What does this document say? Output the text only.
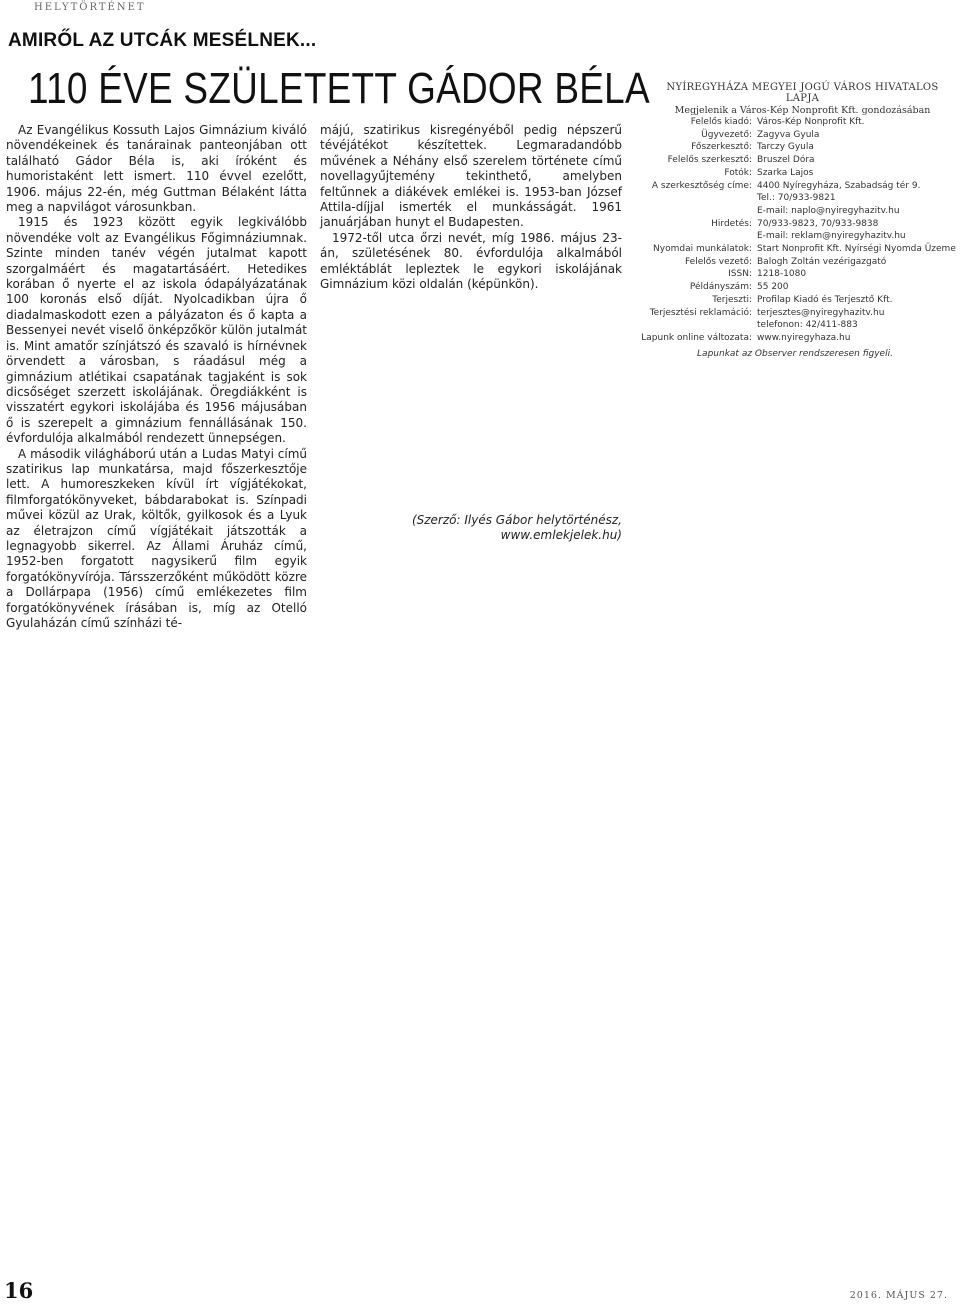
HELYTÖRTÉNET
AMIRŐL AZ UTCÁK MESÉLNEK...
110 ÉVE SZÜLETETT GÁDOR BÉLA

Az Evangélikus Kossuth Lajos Gimnázium kiváló növendékeinek és tanárainak panteonjában ott található Gádor Béla is, aki íróként és humoristaként lett ismert. 110 évvel ezelőtt, 1906. május 22-én, még Guttman Bélaként látta meg a napvilágot városunkban.

1915 és 1923 között egyik legkiválóbb növendéke volt az Evangélikus Főgimnáziumnak. Szinte minden tanév végén jutalmat kapott szorgalmáért és magatartásáért. Hetedikes korában ő nyerte el az iskola ódapályázatának 100 koronás első díját. Nyolcadikban újra ő diadalmaskodott ezen a pályázaton és ő kapta a Bessenyei nevét viselő önképzőkör külön jutalmát is. Mint amatőr színjátszó és szavaló is hírnévnek örvendett a városban, s ráadásul még a gimnázium atlétikai csapatának tagjaként is sok dicsőséget szerzett iskolájának. Öregdiákként is visszatért egykori iskolájába és 1956 májusában ő is szerepelt a gimnázium fennállásának 150. évfordulója alkalmából rendezett ünnepségen.

A második világháború után a Ludas Matyi című szatirikus lap munkatársa, majd főszerkesztője lett. A humoreszkeken kívül írt vígjátékokat, filmforgatókönyveket, bábdarabokat is. Színpadi művei közül az Urak, költők, gyilkosok és a Lyuk az életrajzon című vígjátékait játszották a legnagyobb sikerrel. Az Állami Áruház című, 1952-ben forgatott nagysikerű film egyik forgatókönyvírója. Társszerzőként működött közre a Dollárpapa (1956) című emlékezetes film forgatókönyvének írásában is, míg az Otelló Gyulaházán című színházi té-

májú, szatirikus kisregényéből pedig népszerű tévéjátékot készítettek. Legmaradandóbb művének a Néhány első szerelem története című novellagyűjtemény tekinthető, amelyben feltűnnek a diákévek emlékei is. 1953-ban József Attila-díjjal ismerték el munkásságát. 1961 januárjában hunyt el Budapesten.

1972-től utca őrzi nevét, míg 1986. május 23-án, születésének 80. évfordulója alkalmából emléktáblát lepleztek le egykori iskolájának Gimnázium közi oldalán (képünkön).

(Szerző: Ilyés Gábor helytörténész,
www.emlekjelek.hu)
NYÍREGYHÁZA MEGYEI JOGÚ VÁROS HIVATALOS LAPJA
Megjelenik a Város-Kép Nonprofit Kft. gondozásában
Felelős kiadó: Város-Kép Nonprofit Kft.
Ügyvezető: Zagyva Gyula
Főszerkesztő: Tarczy Gyula
Felelős szerkesztő: Bruszel Dóra
Fotók: Szarka Lajos
A szerkesztőség címe: 4400 Nyíregyháza, Szabadság tér 9.
Tel.: 70/933-9821
E-mail: naplo@nyiregyhazitv.hu
Hirdetés: 70/933-9823, 70/933-9838
E-mail: reklam@nyiregyhazitv.hu
Nyomdai munkálatok: Start Nonprofit Kft. Nyírségi Nyomda Üzeme
Felelős vezető: Balogh Zoltán vezérigazgató
ISSN: 1218-1080
Példányszám: 55 200
Terjeszti: Profilap Kiadó és Terjesztő Kft.
Terjesztési reklamáció: terjesztes@nyiregyhazitv.hu
telefonon: 42/411-883
Lapunk online változata: www.nyiregyhaza.hu
Lapunkat az Observer rendszeresen figyeli.
16	2016. MÁJUS 27.
